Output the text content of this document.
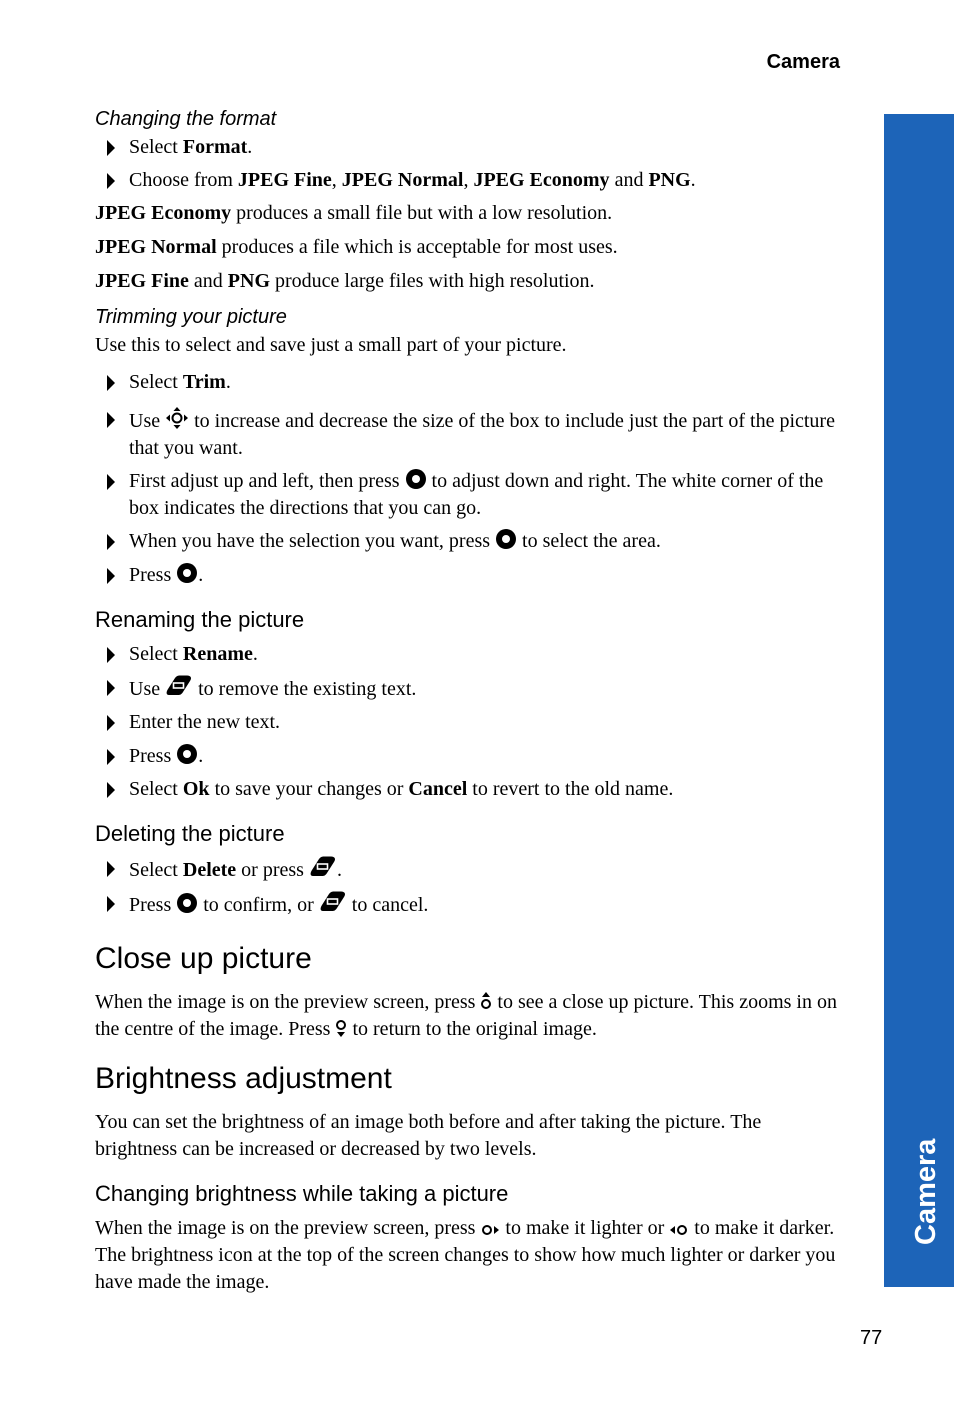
Camera
Camera
Changing the format
Select Format.
Choose from JPEG Fine, JPEG Normal, JPEG Economy and PNG.

JPEG Economy produces a small file but with a low resolution.

JPEG Normal produces a file which is acceptable for most uses.

JPEG Fine and PNG produce large files with high resolution.

Trimming your picture

Use this to select and save just a small part of your picture.

Select Trim.
Use  to increase and decrease the size of the box to include just the part of the picture that you want.
First adjust up and left, then press  to adjust down and right. The white corner of the box indicates the directions that you can go.
When you have the selection you want, press  to select the area.
Press .
Renaming the picture
Select Rename.
Use  to remove the existing text.
Enter the new text.
Press .
Select Ok to save your changes or Cancel to revert to the old name.
Deleting the picture
Select Delete or press .
Press  to confirm, or  to cancel.
Close up picture

When the image is on the preview screen, press  to see a close up picture. This zooms in on the centre of the image. Press  to return to the original image.

Brightness adjustment

You can set the brightness of an image both before and after taking the picture. The brightness can be increased or decreased by two levels.

Changing brightness while taking a picture

When the image is on the preview screen, press  to make it lighter or  to make it darker. The brightness icon at the top of the screen changes to show how much lighter or darker you have made the image.

77
